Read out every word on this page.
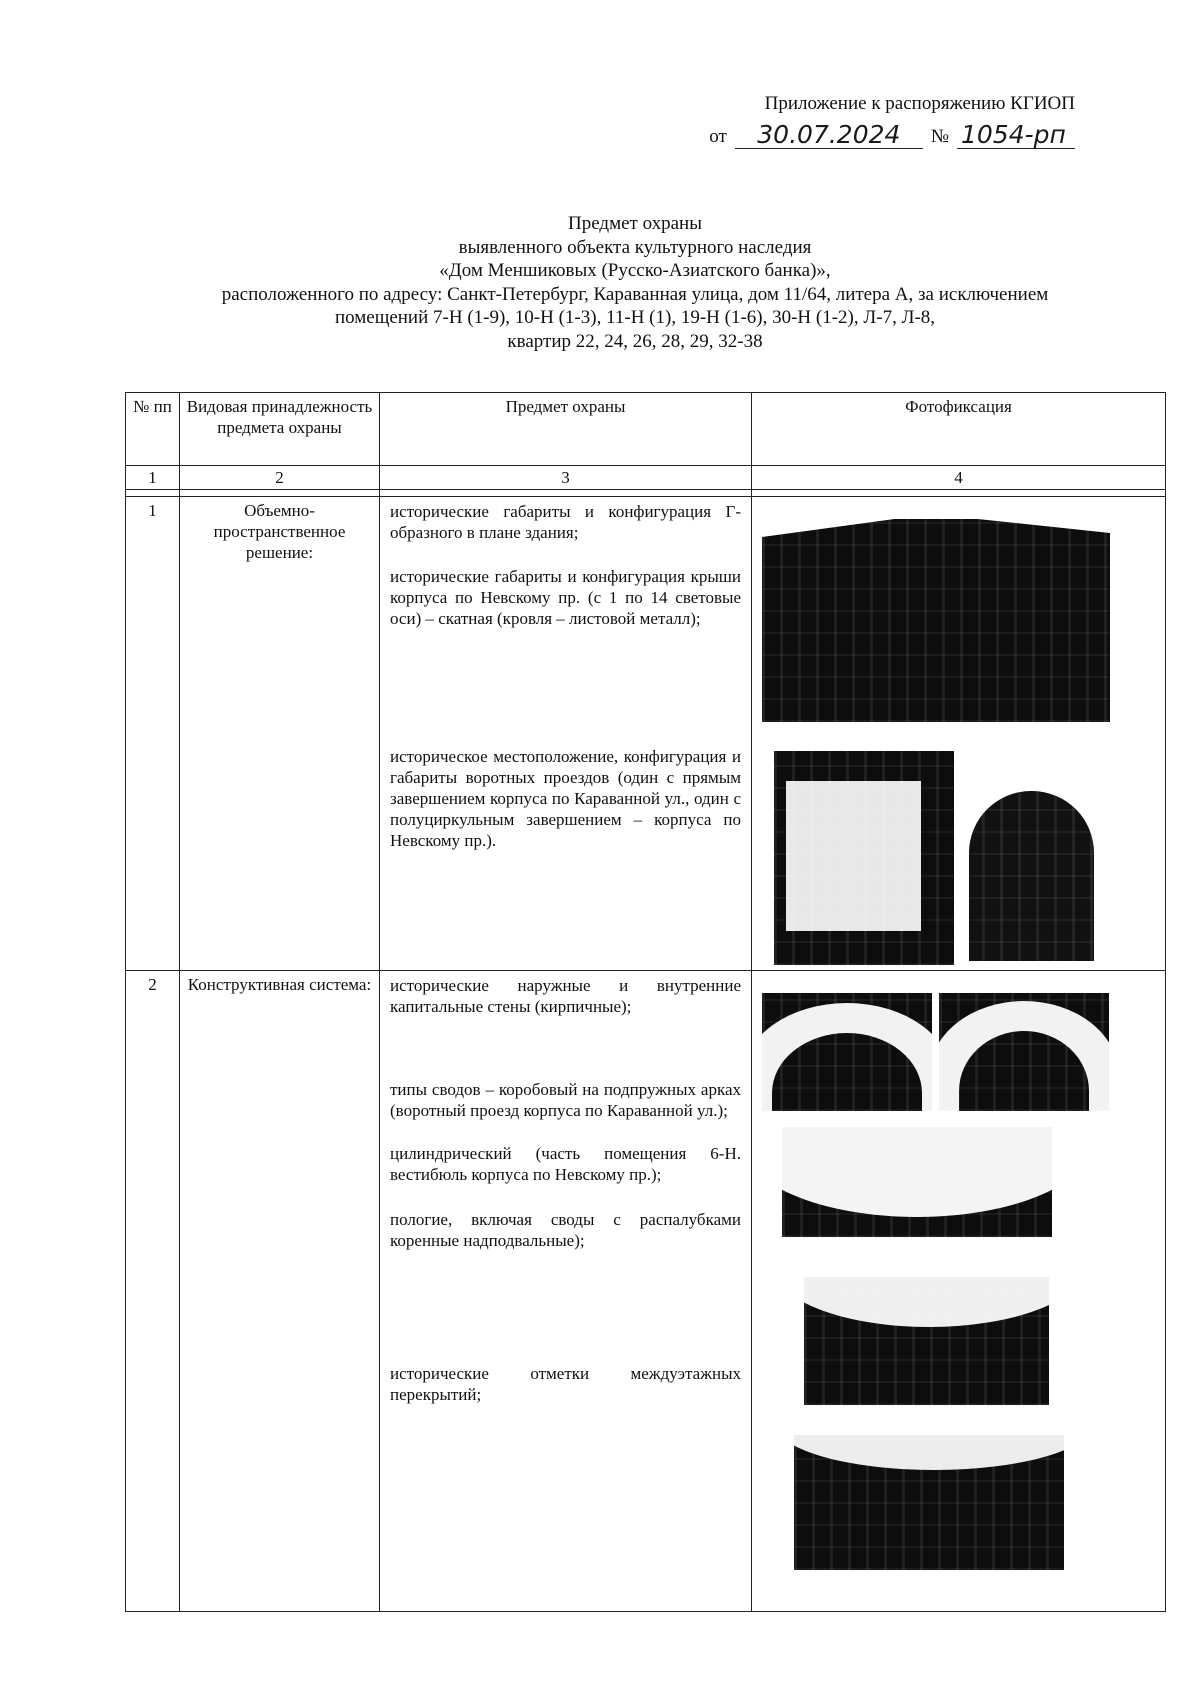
Приложение к распоряжению КГИОП
от	30.07.2024	№ 1054-рп
Предмет охраны
выявленного объекта культурного наследия
«Дом Меншиковых (Русско-Азиатского банка)»,
расположенного по адресу: Санкт-Петербург, Караванная улица, дом 11/64, литера А, за исключением
помещений 7-Н (1-9), 10-Н (1-3), 11-Н (1), 19-Н (1-6), 30-Н (1-2), Л-7, Л-8,
квартир 22, 24, 26, 28, 29, 32-38
№ пп	Видовая принадлежность предмета охраны	Предмет охраны	Фотофиксация
1	2	3	4

1	Объемно-пространственное решение:	исторические габариты и конфигурация Г-образного в плане здания;

исторические габариты и конфигурация крыши корпуса по Невскому пр. (с 1 по 14 световые оси) – скатная (кровля – листовой металл);

историческое местоположение, конфигурация и габариты воротных проездов (один с прямым завершением корпуса по Караванной ул., один с полуциркульным завершением – корпуса по Невскому пр.).	

2	Конструктивная система:	исторические наружные и внутренние капитальные стены (кирпичные);

типы сводов – коробовый на подпружных арках (воротный проезд корпуса по Караванной ул.);

цилиндрический (часть помещения 6-Н. вестибюль корпуса по Невскому пр.);

пологие, включая своды с распалубками коренные надподвальные);

исторические отметки междуэтажных перекрытий;	
